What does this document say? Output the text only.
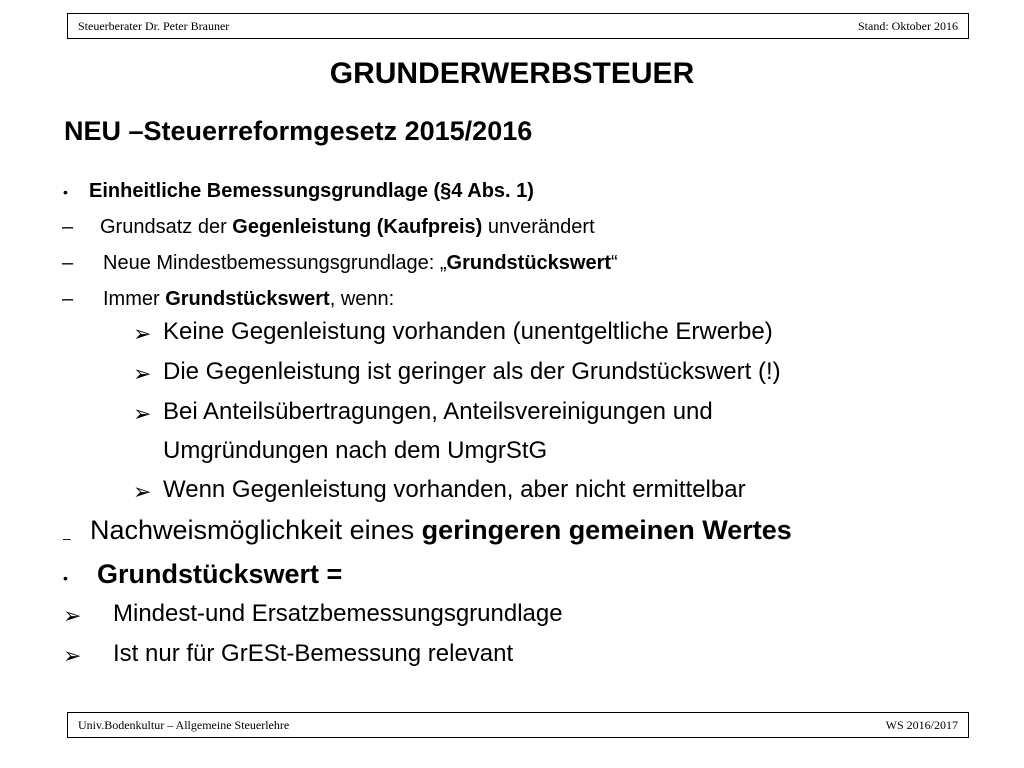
Steuerberater Dr. Peter Brauner	Stand: Oktober 2016
GRUNDERWERBSTEUER
NEU –Steuerreformgesetz 2015/2016
• Einheitliche Bemessungsgrundlage (§4 Abs. 1)
– Grundsatz der Gegenleistung (Kaufpreis) unverändert
– Neue Mindestbemessungsgrundlage: „Grundstückswert“
– Immer Grundstückswert, wenn:
➢ Keine Gegenleistung vorhanden (unentgeltliche Erwerbe)
➢ Die Gegenleistung ist geringer als der Grundstückswert (!)
➢ Bei Anteilsübertragungen, Anteilsvereinigungen und
Umgründungen nach dem UmgrStG
➢ Wenn Gegenleistung vorhanden, aber nicht ermittelbar
– Nachweismöglichkeit eines geringeren gemeinen Wertes
• Grundstückswert =
➢ Mindest-und Ersatzbemessungsgrundlage
➢ Ist nur für GrESt-Bemessung relevant
Univ.Bodenkultur – Allgemeine Steuerlehre	WS 2016/2017
